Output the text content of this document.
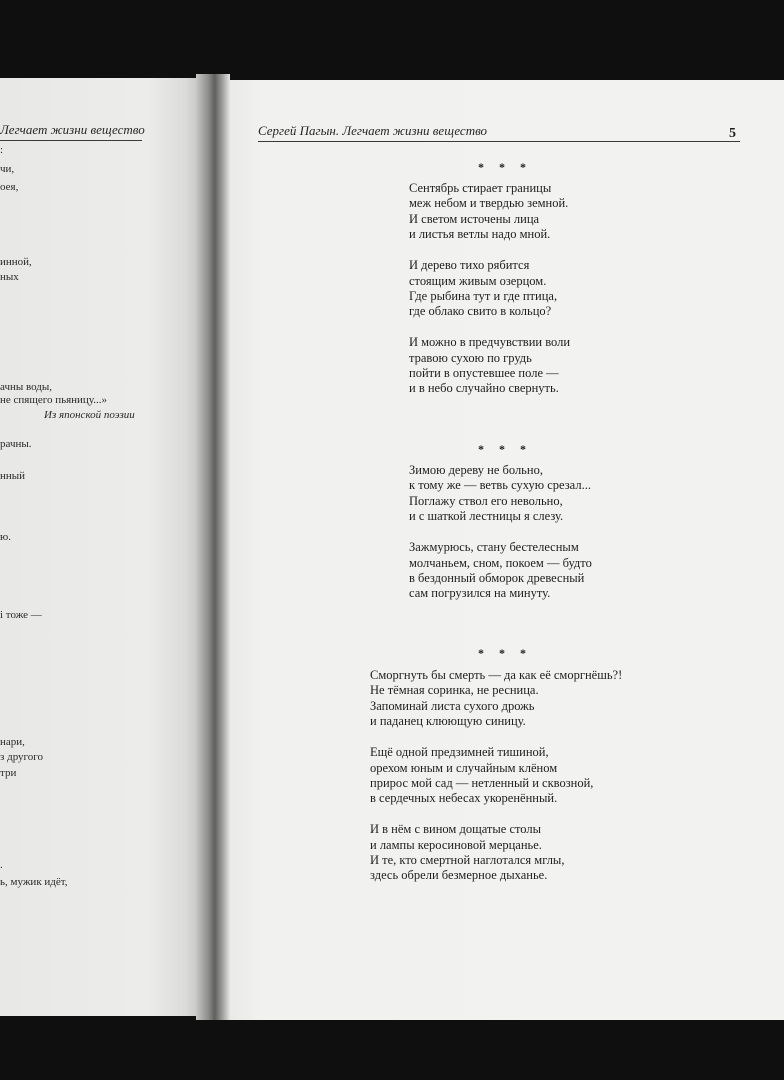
Легчает жизни вещество
:
чи,
оея,
инной,
ных
ачны воды,
не спящего пьяницу...»
Из японской поэзии
рачны.
нный
ю.
і тоже —
нари,
з другого
три
.
ь, мужик идёт,
Сергей Пагын. Легчает жизни вещество	5
* * *
Сентябрь стирает границы
меж небом и твердью земной.
И светом источены лица
и листья ветлы надо мной.
И дерево тихо рябится
стоящим живым озерцом.
Где рыбина тут и где птица,
где облако свито в кольцо?
И можно в предчувствии воли
травою сухою по грудь
пойти в опустевшее поле —
и в небо случайно свернуть.
* * *
Зимою дереву не больно,
к тому же — ветвь сухую срезал...
Поглажу ствол его невольно,
и с шаткой лестницы я слезу.
Зажмурюсь, стану бестелесным
молчаньем, сном, покоем — будто
в бездонный обморок древесный
сам погрузился на минуту.
* * *
Сморгнуть бы смерть — да как её сморгнёшь?!
Не тёмная соринка, не ресница.
Запоминай листа сухого дрожь
и паданец клюющую синицу.
Ещё одной предзимней тишиной,
орехом юным и случайным клёном
прирос мой сад — нетленный и сквозной,
в сердечных небесах укоренённый.
И в нём с вином дощатые столы
и лампы керосиновой мерцанье.
И те, кто смертной наглотался мглы,
здесь обрели безмерное дыханье.
